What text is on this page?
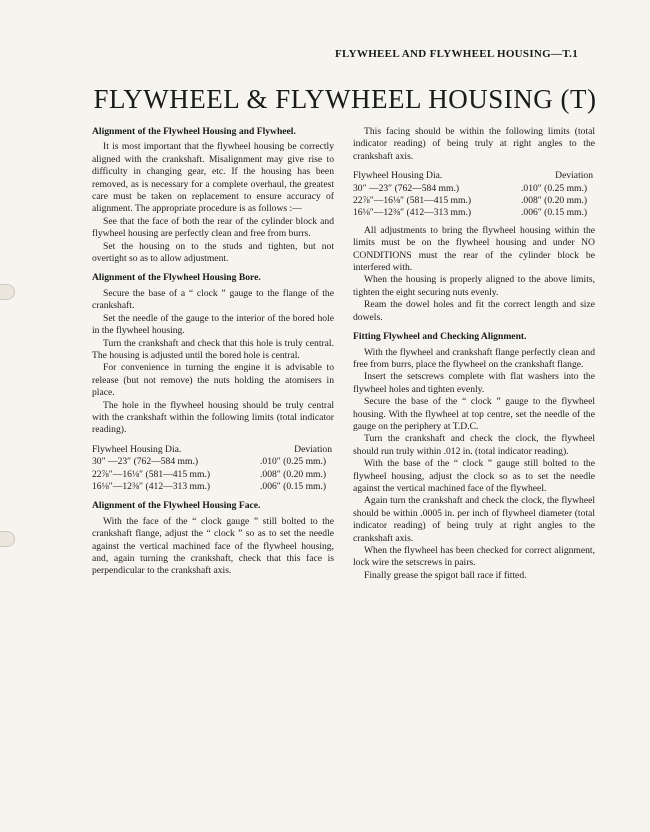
FLYWHEEL AND FLYWHEEL HOUSING—T.1
FLYWHEEL & FLYWHEEL HOUSING (T)
Alignment of the Flywheel Housing and Flywheel.

It is most important that the flywheel housing be correctly aligned with the crankshaft. Misalignment may give rise to difficulty in changing gear, etc. If the housing has been removed, as is necessary for a complete overhaul, the greatest care must be taken on replacement to ensure accuracy of alignment. The appropriate procedure is as follows :—

See that the face of both the rear of the cylinder block and flywheel housing are perfectly clean and free from burrs.

Set the housing on to the studs and tighten, but not overtight so as to allow adjustment.

Alignment of the Flywheel Housing Bore.

Secure the base of a “ clock ” gauge to the flange of the crankshaft.

Set the needle of the gauge to the interior of the bored hole in the flywheel housing.

Turn the crankshaft and check that this hole is truly central. The housing is adjusted until the bored hole is central.

For convenience in turning the engine it is advisable to release (but not remove) the nuts holding the atomisers in place.

The hole in the flywheel housing should be truly central with the crankshaft within the following limits (total indicator reading).

Flywheel Housing Dia.	Deviation
30″ —23″ (762—584 mm.)	.010″ (0.25 mm.)
22⅞″—16⅛″ (581—415 mm.)	.008″ (0.20 mm.)
16⅛″—12⅜″ (412—313 mm.)	.006″ (0.15 mm.)
Alignment of the Flywheel Housing Face.

With the face of the “ clock gauge ” still bolted to the crankshaft flange, adjust the “ clock ” so as to set the needle against the vertical machined face of the flywheel housing, and, again turning the crankshaft, check that this face is perpendicular to the crankshaft axis.

This facing should be within the following limits (total indicator reading) of being truly at right angles to the crankshaft axis.

Flywheel Housing Dia.	Deviation
30″ —23″ (762—584 mm.)	.010″ (0.25 mm.)
22⅞″—16⅛″ (581—415 mm.)	.008″ (0.20 mm.)
16⅛″—12⅜″ (412—313 mm.)	.006″ (0.15 mm.)

All adjustments to bring the flywheel housing within the limits must be on the flywheel housing and under NO CONDITIONS must the rear of the cylinder block be interfered with.

When the housing is properly aligned to the above limits, tighten the eight securing nuts evenly.

Ream the dowel holes and fit the correct length and size dowels.

Fitting Flywheel and Checking Alignment.

With the flywheel and crankshaft flange perfectly clean and free from burrs, place the flywheel on the crankshaft flange.

Insert the setscrews complete with flat washers into the flywheel holes and tighten evenly.

Secure the base of the “ clock ” gauge to the flywheel housing. With the flywheel at top centre, set the needle of the gauge on the periphery at T.D.C.

Turn the crankshaft and check the clock, the flywheel should run truly within .012 in. (total indicator reading).

With the base of the “ clock ” gauge still bolted to the flywheel housing, adjust the clock so as to set the needle against the vertical machined face of the flywheel.

Again turn the crankshaft and check the clock, the flywheel should be within .0005 in. per inch of flywheel diameter (total indicator reading) of being truly at right angles to the crankshaft axis.

When the flywheel has been checked for correct alignment, lock wire the setscrews in pairs.

Finally grease the spigot ball race if fitted.
